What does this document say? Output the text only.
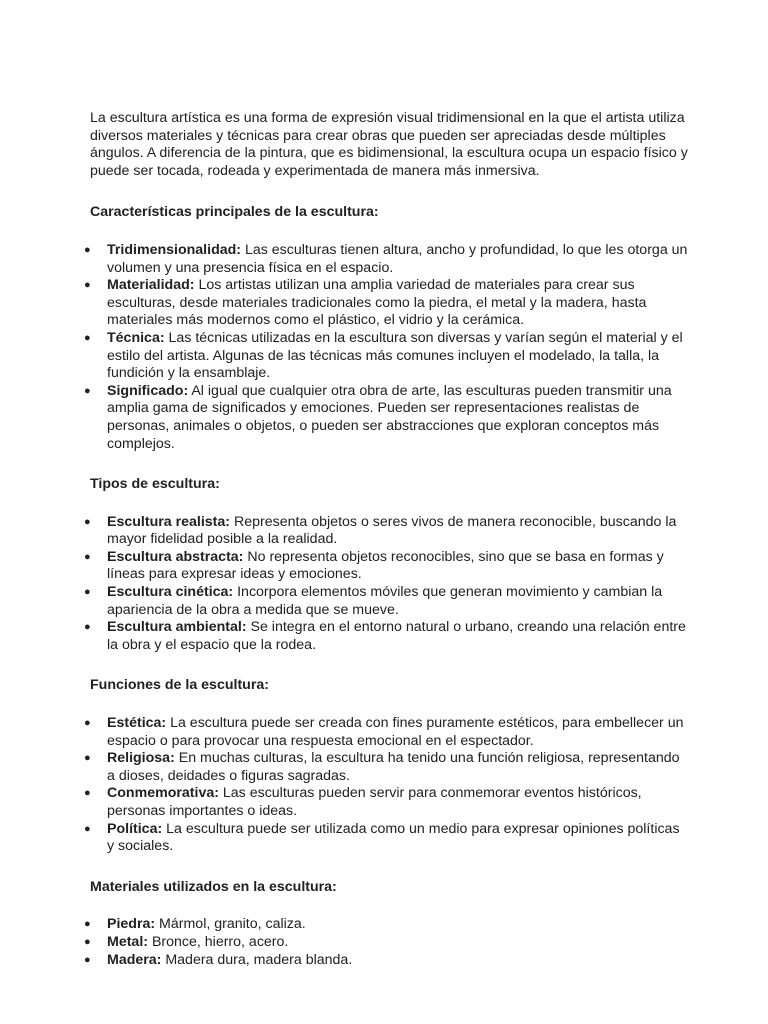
La escultura artística es una forma de expresión visual tridimensional en la que el artista utiliza diversos materiales y técnicas para crear obras que pueden ser apreciadas desde múltiples ángulos. A diferencia de la pintura, que es bidimensional, la escultura ocupa un espacio físico y puede ser tocada, rodeada y experimentada de manera más inmersiva.

Características principales de la escultura:
● Tridimensionalidad: Las esculturas tienen altura, ancho y profundidad, lo que les otorga un volumen y una presencia física en el espacio.
● Materialidad: Los artistas utilizan una amplia variedad de materiales para crear sus esculturas, desde materiales tradicionales como la piedra, el metal y la madera, hasta materiales más modernos como el plástico, el vidrio y la cerámica.
● Técnica: Las técnicas utilizadas en la escultura son diversas y varían según el material y el estilo del artista. Algunas de las técnicas más comunes incluyen el modelado, la talla, la fundición y la ensamblaje.
● Significado: Al igual que cualquier otra obra de arte, las esculturas pueden transmitir una amplia gama de significados y emociones. Pueden ser representaciones realistas de personas, animales o objetos, o pueden ser abstracciones que exploran conceptos más complejos.
Tipos de escultura:
● Escultura realista: Representa objetos o seres vivos de manera reconocible, buscando la mayor fidelidad posible a la realidad.
● Escultura abstracta: No representa objetos reconocibles, sino que se basa en formas y líneas para expresar ideas y emociones.
● Escultura cinética: Incorpora elementos móviles que generan movimiento y cambian la apariencia de la obra a medida que se mueve.
● Escultura ambiental: Se integra en el entorno natural o urbano, creando una relación entre la obra y el espacio que la rodea.
Funciones de la escultura:
● Estética: La escultura puede ser creada con fines puramente estéticos, para embellecer un espacio o para provocar una respuesta emocional en el espectador.
● Religiosa: En muchas culturas, la escultura ha tenido una función religiosa, representando a dioses, deidades o figuras sagradas.
● Conmemorativa: Las esculturas pueden servir para conmemorar eventos históricos, personas importantes o ideas.
● Política: La escultura puede ser utilizada como un medio para expresar opiniones políticas y sociales.
Materiales utilizados en la escultura:
● Piedra: Mármol, granito, caliza.
● Metal: Bronce, hierro, acero.
● Madera: Madera dura, madera blanda.
